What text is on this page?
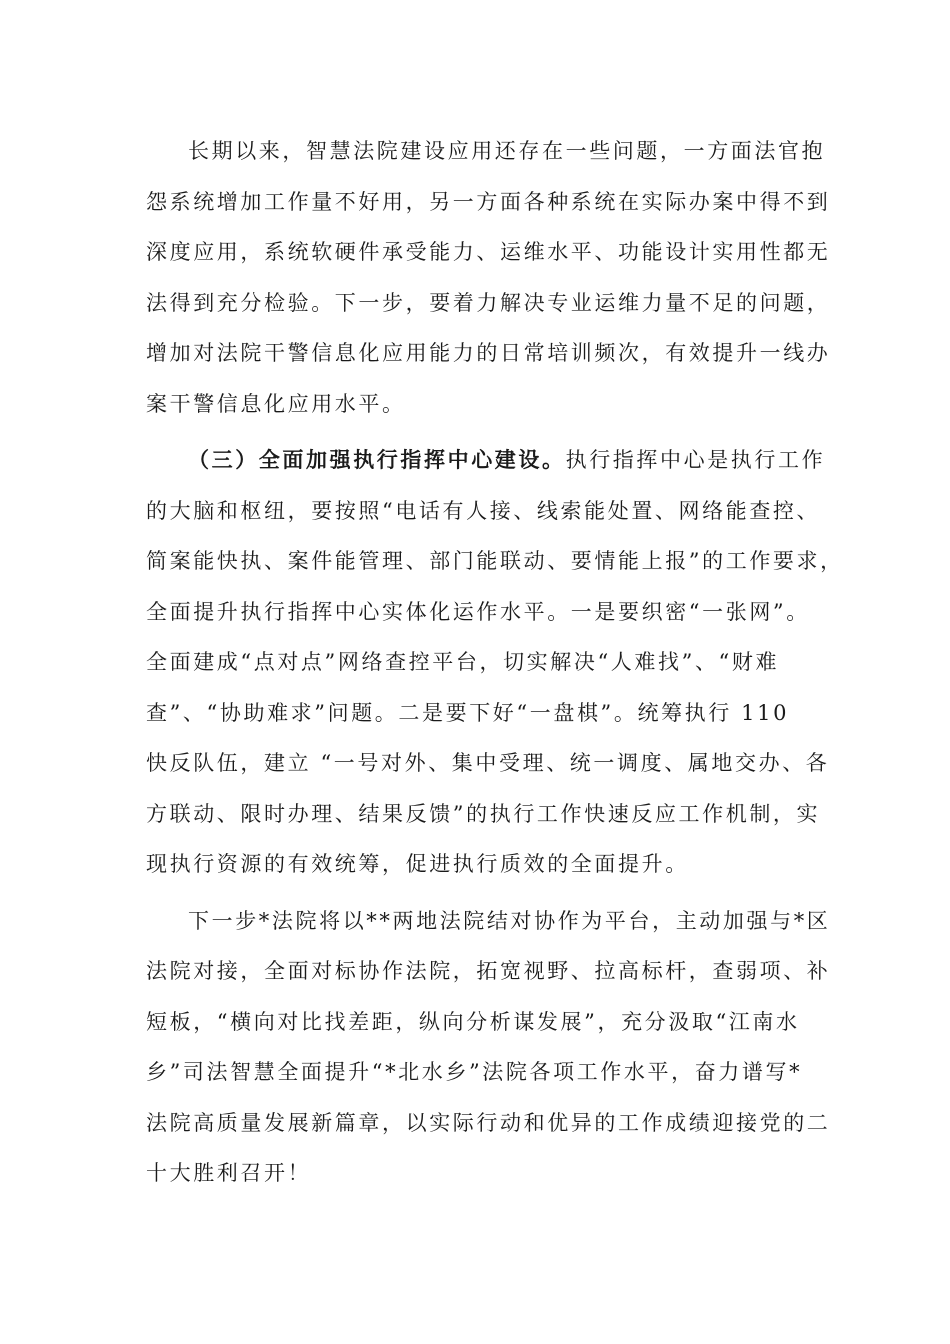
长期以来，智慧法院建设应用还存在一些问题，一方面法官抱
怨系统增加工作量不好用，另一方面各种系统在实际办案中得不到
深度应用，系统软硬件承受能力、运维水平、功能设计实用性都无
法得到充分检验。下一步，要着力解决专业运维力量不足的问题，
增加对法院干警信息化应用能力的日常培训频次，有效提升一线办
案干警信息化应用水平。
（三）全面加强执行指挥中心建设。执行指挥中心是执行工作
的大脑和枢纽，要按照“电话有人接、线索能处置、网络能查控、
简案能快执、案件能管理、部门能联动、要情能上报”的工作要求，
全面提升执行指挥中心实体化运作水平。一是要织密“一张网”。
全面建成“点对点”网络查控平台，切实解决“人难找”、“财难
查”、“协助难求”问题。二是要下好“一盘棋”。统筹执行 110
快反队伍，建立 “一号对外、集中受理、统一调度、属地交办、各
方联动、限时办理、结果反馈”的执行工作快速反应工作机制，实
现执行资源的有效统筹，促进执行质效的全面提升。
下一步*法院将以**两地法院结对协作为平台，主动加强与*区
法院对接，全面对标协作法院，拓宽视野、拉高标杆，查弱项、补
短板，“横向对比找差距，纵向分析谋发展”，充分汲取“江南水
乡”司法智慧全面提升“*北水乡”法院各项工作水平，奋力谱写*
法院高质量发展新篇章，以实际行动和优异的工作成绩迎接党的二
十大胜利召开！
